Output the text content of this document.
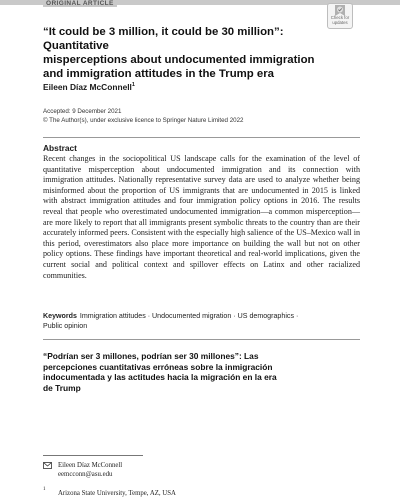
ORIGINAL ARTICLE
Check for
updates
“It could be 3 million, it could be 30 million”: Quantitative
misperceptions about undocumented immigration
and immigration attitudes in the Trump era
Eileen Díaz McConnell$^1$
Accepted: 9 December 2021
© The Author(s), under exclusive licence to Springer Nature Limited 2022
Abstract
Recent changes in the sociopolitical US landscape calls for the examination of the level of quantitative misperception about undocumented immigration and its connection with immigration attitudes. Nationally representative survey data are used to analyze whether being misinformed about the proportion of US immigrants that are undocumented in 2015 is linked with abstract immigration attitudes and four immigration policy options in 2016. The results reveal that people who overestimated undocumented immigration—a common misperception—are more likely to report that all immigrants present symbolic threats to the country than are their accurately informed peers. Consistent with the especially high salience of the US–Mexico wall in this period, overestimators also place more importance on building the wall but not on other policy options. These findings have important theoretical and real-world implications, given the current social and political context and spillover effects on Latinx and other racialized communities.
Keywords Immigration attitudes · Undocumented migration · US demographics ·
Public opinion
“Podrían ser 3 millones, podrían ser 30 millones”: Las
percepciones cuantitativas erróneas sobre la inmigración
indocumentada y las actitudes hacia la migración en la era
de Trump
Eileen Díaz McConnell
eemcconn@asu.edu
1
Arizona State University, Tempe, AZ, USA
